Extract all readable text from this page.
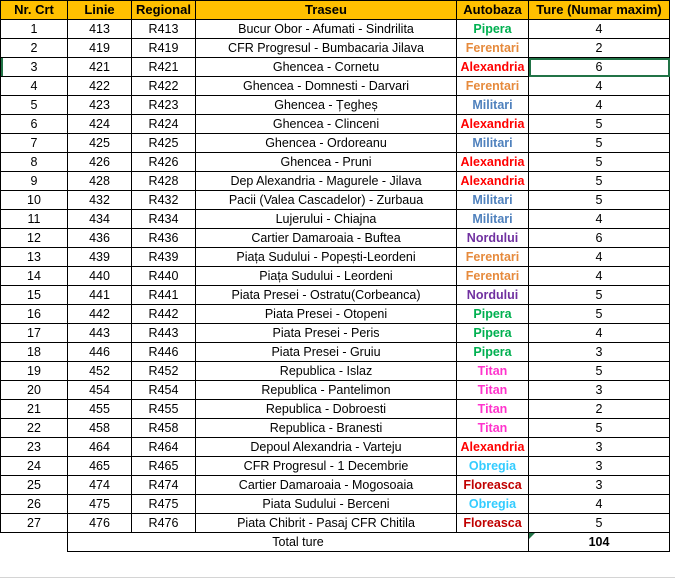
Nr. Crt	Linie	Regional	Traseu	Autobaza	Ture (Numar maxim)
1	413	R413	Bucur Obor - Afumati - Sindrilita	Pipera	4
2	419	R419	CFR Progresul - Bumbacaria Jilava	Ferentari	2
3	421	R421	Ghencea - Cornetu	Alexandria	6
4	422	R422	Ghencea - Domnesti - Darvari	Ferentari	4
5	423	R423	Ghencea - Țegheș	Militari	4
6	424	R424	Ghencea - Clinceni	Alexandria	5
7	425	R425	Ghencea - Ordoreanu	Militari	5
8	426	R426	Ghencea - Pruni	Alexandria	5
9	428	R428	Dep Alexandria - Magurele - Jilava	Alexandria	5
10	432	R432	Pacii (Valea Cascadelor) - Zurbaua	Militari	5
11	434	R434	Lujerului - Chiajna	Militari	4
12	436	R436	Cartier Damaroaia - Buftea	Nordului	6
13	439	R439	Piața Sudului - Popești-Leordeni	Ferentari	4
14	440	R440	Piața Sudului - Leordeni	Ferentari	4
15	441	R441	Piata Presei - Ostratu(Corbeanca)	Nordului	5
16	442	R442	Piata Presei - Otopeni	Pipera	5
17	443	R443	Piata Presei - Peris	Pipera	4
18	446	R446	Piata Presei - Gruiu	Pipera	3
19	452	R452	Republica - Islaz	Titan	5
20	454	R454	Republica - Pantelimon	Titan	3
21	455	R455	Republica - Dobroesti	Titan	2
22	458	R458	Republica - Branesti	Titan	5
23	464	R464	Depoul Alexandria - Varteju	Alexandria	3
24	465	R465	CFR Progresul - 1 Decembrie	Obregia	3
25	474	R474	Cartier Damaroaia - Mogosoaia	Floreasca	3
26	475	R475	Piata Sudului - Berceni	Obregia	4
27	476	R476	Piata Chibrit - Pasaj CFR Chitila	Floreasca	5
	Total ture				104
